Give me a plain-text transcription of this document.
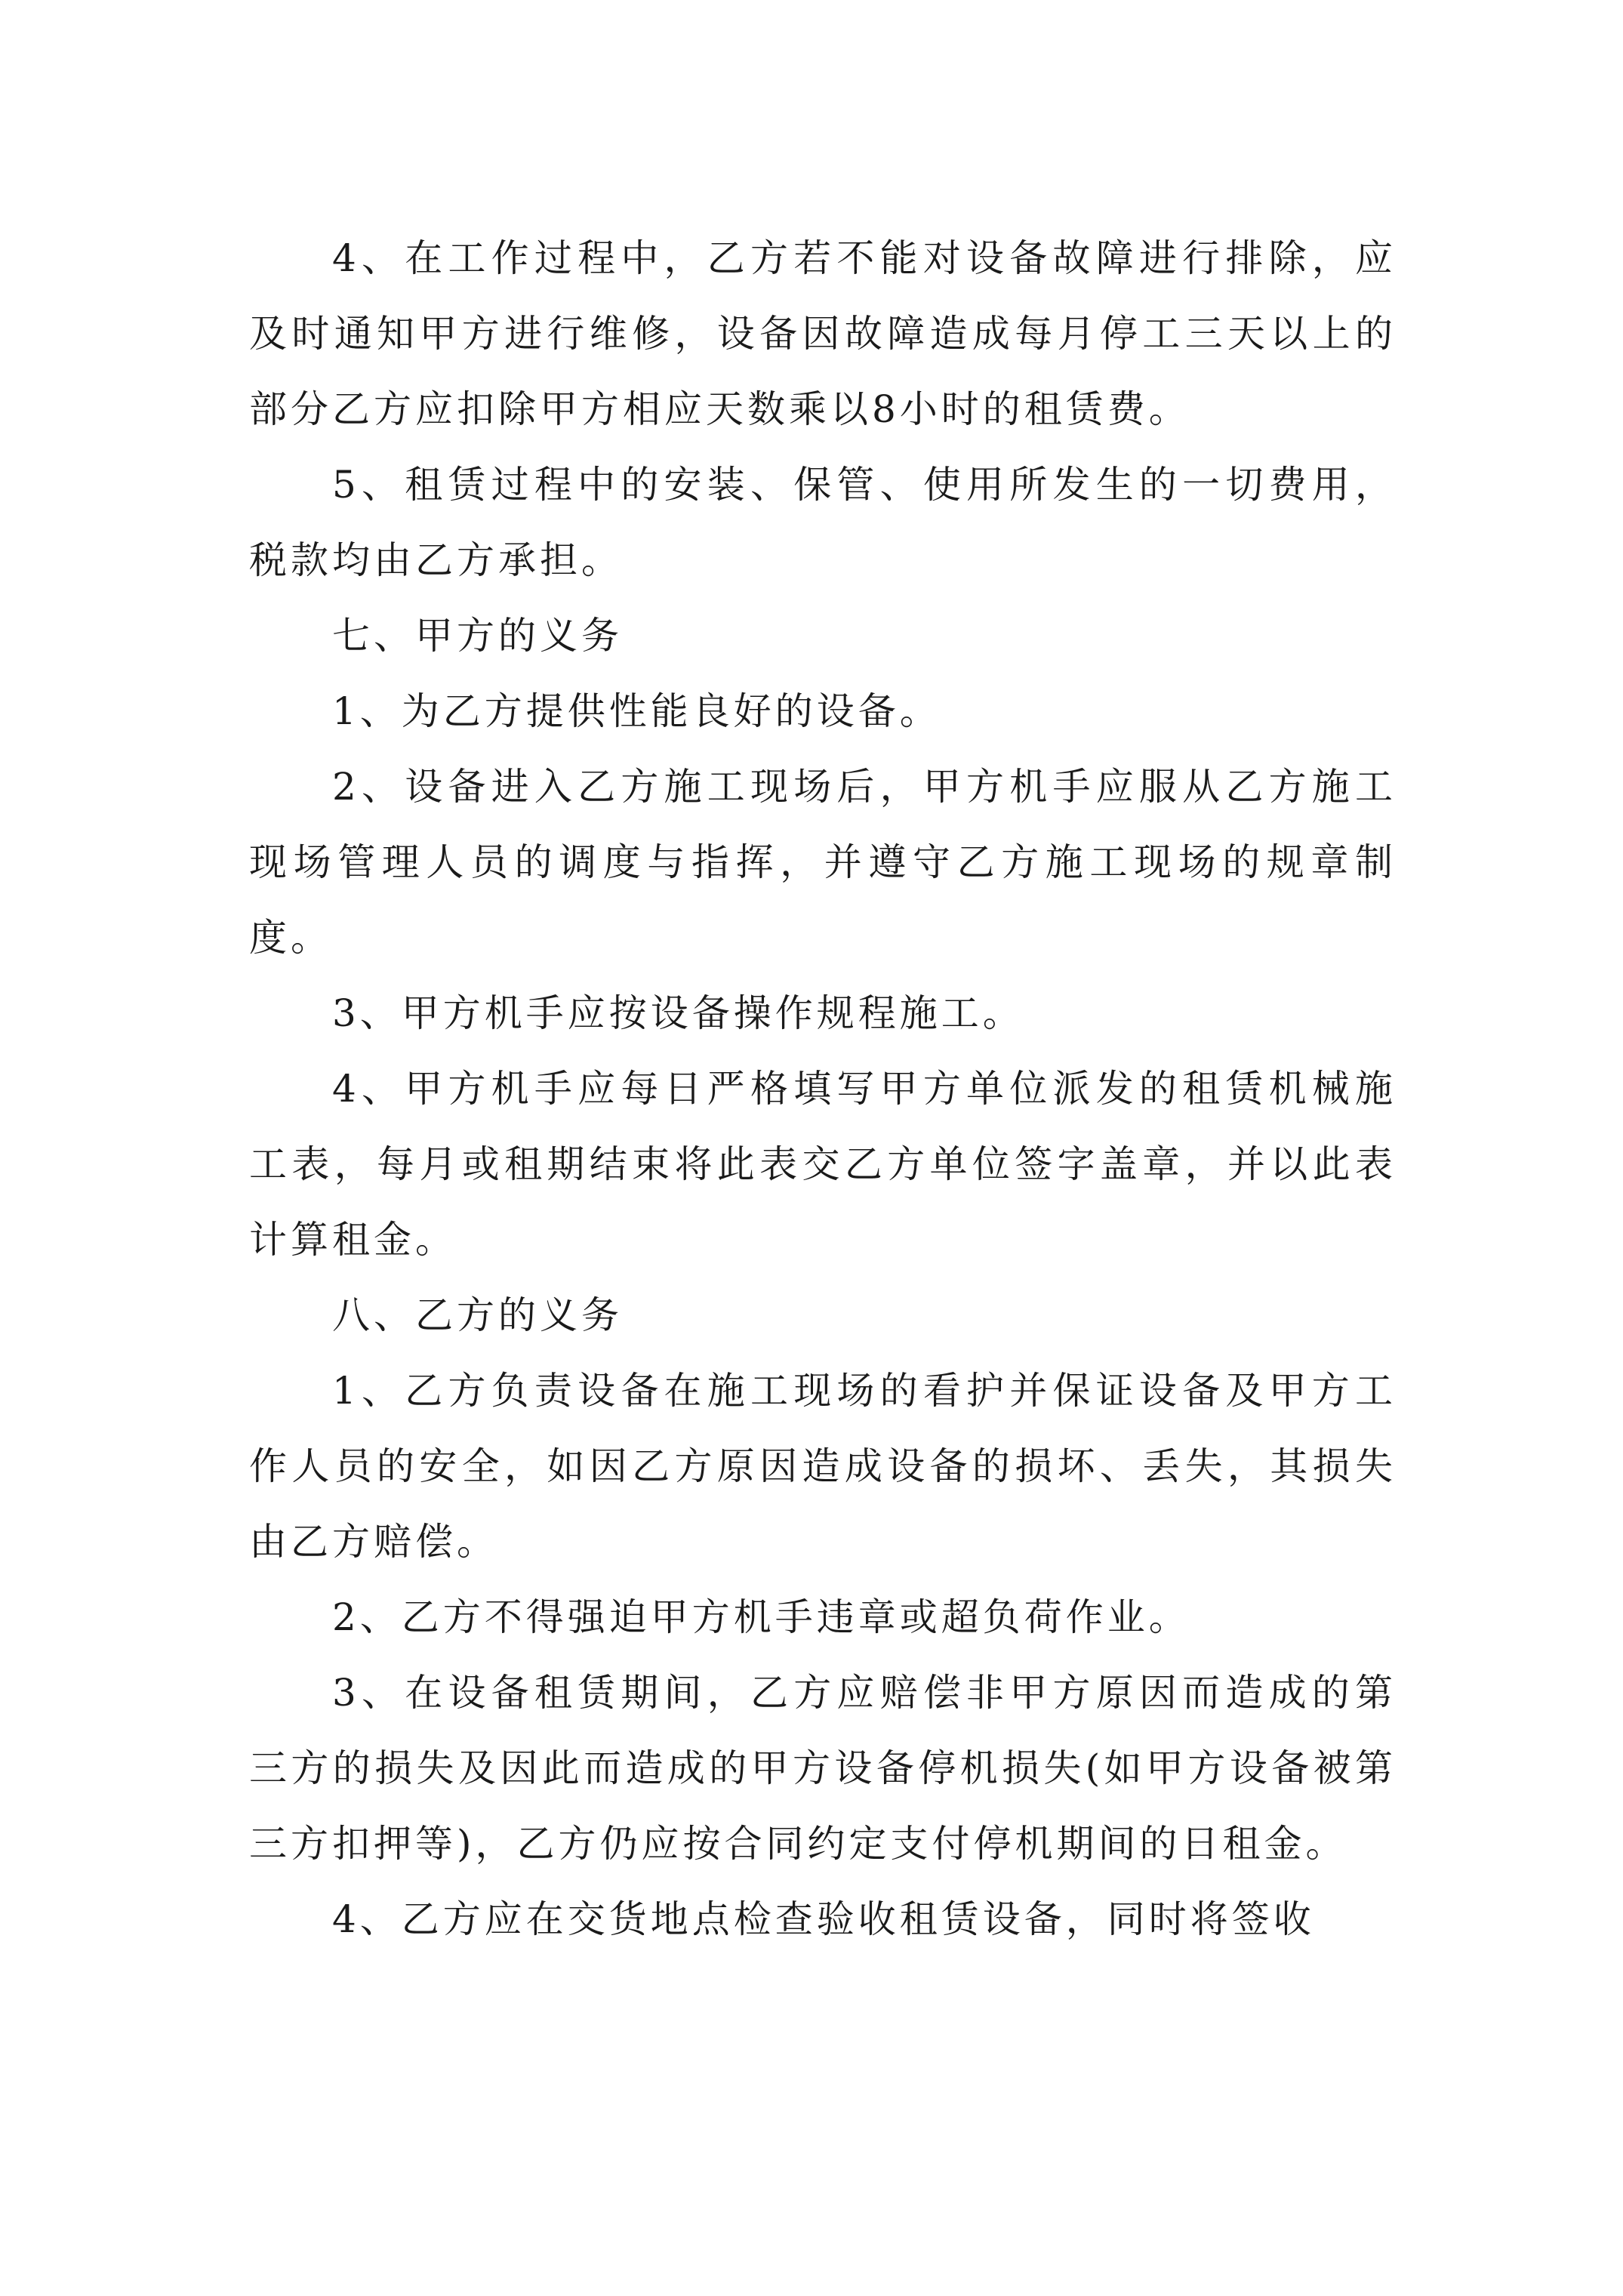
4、在工作过程中，乙方若不能对设备故障进行排除，应及时通知甲方进行维修，设备因故障造成每月停工三天以上的部分乙方应扣除甲方相应天数乘以8小时的租赁费。

5、租赁过程中的安装、保管、使用所发生的一切费用，税款均由乙方承担。

七、甲方的义务

1、为乙方提供性能良好的设备。

2、设备进入乙方施工现场后，甲方机手应服从乙方施工现场管理人员的调度与指挥，并遵守乙方施工现场的规章制度。

3、甲方机手应按设备操作规程施工。

4、甲方机手应每日严格填写甲方单位派发的租赁机械施工表，每月或租期结束将此表交乙方单位签字盖章，并以此表计算租金。

八、乙方的义务

1、乙方负责设备在施工现场的看护并保证设备及甲方工作人员的安全，如因乙方原因造成设备的损坏、丢失，其损失由乙方赔偿。

2、乙方不得强迫甲方机手违章或超负荷作业。

3、在设备租赁期间，乙方应赔偿非甲方原因而造成的第三方的损失及因此而造成的甲方设备停机损失(如甲方设备被第三方扣押等)，乙方仍应按合同约定支付停机期间的日租金。

4、乙方应在交货地点检查验收租赁设备，同时将签收
